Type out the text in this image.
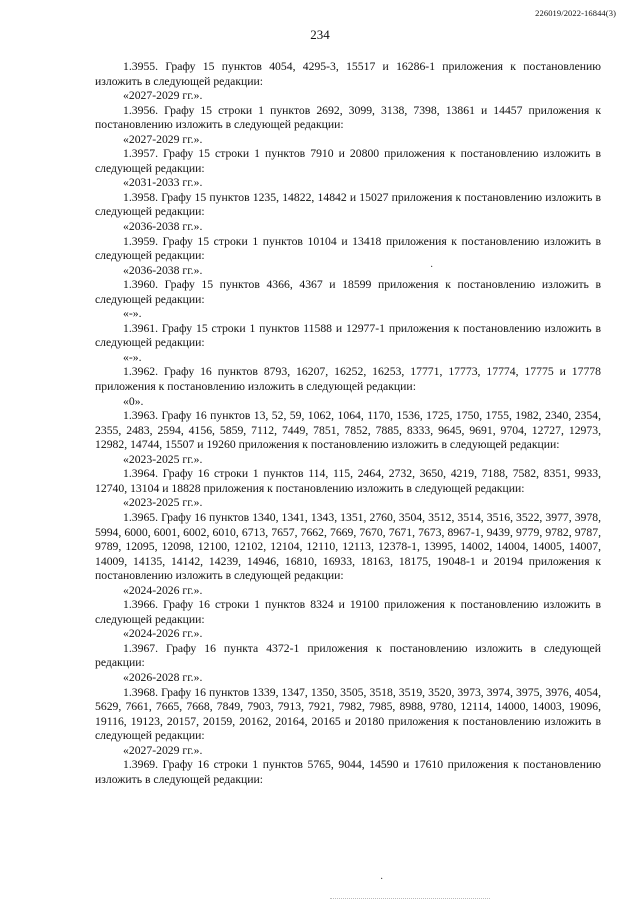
226019/2022-16844(3)
234

1.3955. Графу 15 пунктов 4054, 4295-3, 15517 и 16286-1 приложения к постановлению изложить в следующей редакции:

«2027-2029 гг.».

1.3956. Графу 15 строки 1 пунктов 2692, 3099, 3138, 7398, 13861 и 14457 приложения к постановлению изложить в следующей редакции:

«2027-2029 гг.».

1.3957. Графу 15 строки 1 пунктов 7910 и 20800 приложения к постановлению изложить в следующей редакции:

«2031-2033 гг.».

1.3958. Графу 15 пунктов 1235, 14822, 14842 и 15027 приложения к постановлению изложить в следующей редакции:

«2036-2038 гг.».

1.3959. Графу 15 строки 1 пунктов 10104 и 13418 приложения к постановлению изложить в следующей редакции:

«2036-2038 гг.».

1.3960. Графу 15 пунктов 4366, 4367 и 18599 приложения к постановлению изложить в следующей редакции:

«-».

1.3961. Графу 15 строки 1 пунктов 11588 и 12977-1 приложения к постановлению изложить в следующей редакции:

«-».

1.3962. Графу 16 пунктов 8793, 16207, 16252, 16253, 17771, 17773, 17774, 17775 и 17778 приложения к постановлению изложить в следующей редакции:

«0».

1.3963. Графу 16 пунктов 13, 52, 59, 1062, 1064, 1170, 1536, 1725, 1750, 1755, 1982, 2340, 2354, 2355, 2483, 2594, 4156, 5859, 7112, 7449, 7851, 7852, 7885, 8333, 9645, 9691, 9704, 12727, 12973, 12982, 14744, 15507 и 19260 приложения к постановлению изложить в следующей редакции:

«2023-2025 гг.».

1.3964. Графу 16 строки 1 пунктов 114, 115, 2464, 2732, 3650, 4219, 7188, 7582, 8351, 9933, 12740, 13104 и 18828 приложения к постановлению изложить в следующей редакции:

«2023-2025 гг.».

1.3965. Графу 16 пунктов 1340, 1341, 1343, 1351, 2760, 3504, 3512, 3514, 3516, 3522, 3977, 3978, 5994, 6000, 6001, 6002, 6010, 6713, 7657, 7662, 7669, 7670, 7671, 7673, 8967-1, 9439, 9779, 9782, 9787, 9789, 12095, 12098, 12100, 12102, 12104, 12110, 12113, 12378-1, 13995, 14002, 14004, 14005, 14007, 14009, 14135, 14142, 14239, 14946, 16810, 16933, 18163, 18175, 19048-1 и 20194 приложения к постановлению изложить в следующей редакции:

«2024-2026 гг.».

1.3966. Графу 16 строки 1 пунктов 8324 и 19100 приложения к постановлению изложить в следующей редакции:

«2024-2026 гг.».

1.3967. Графу 16 пункта 4372-1 приложения к постановлению изложить в следующей редакции:

«2026-2028 гг.».

1.3968. Графу 16 пунктов 1339, 1347, 1350, 3505, 3518, 3519, 3520, 3973, 3974, 3975, 3976, 4054, 5629, 7661, 7665, 7668, 7849, 7903, 7913, 7921, 7982, 7985, 8988, 9780, 12114, 14000, 14003, 19096, 19116, 19123, 20157, 20159, 20162, 20164, 20165 и 20180 приложения к постановлению изложить в следующей редакции:

«2027-2029 гг.».

1.3969. Графу 16 строки 1 пунктов 5765, 9044, 14590 и 17610 приложения к постановлению изложить в следующей редакции:

·
·
